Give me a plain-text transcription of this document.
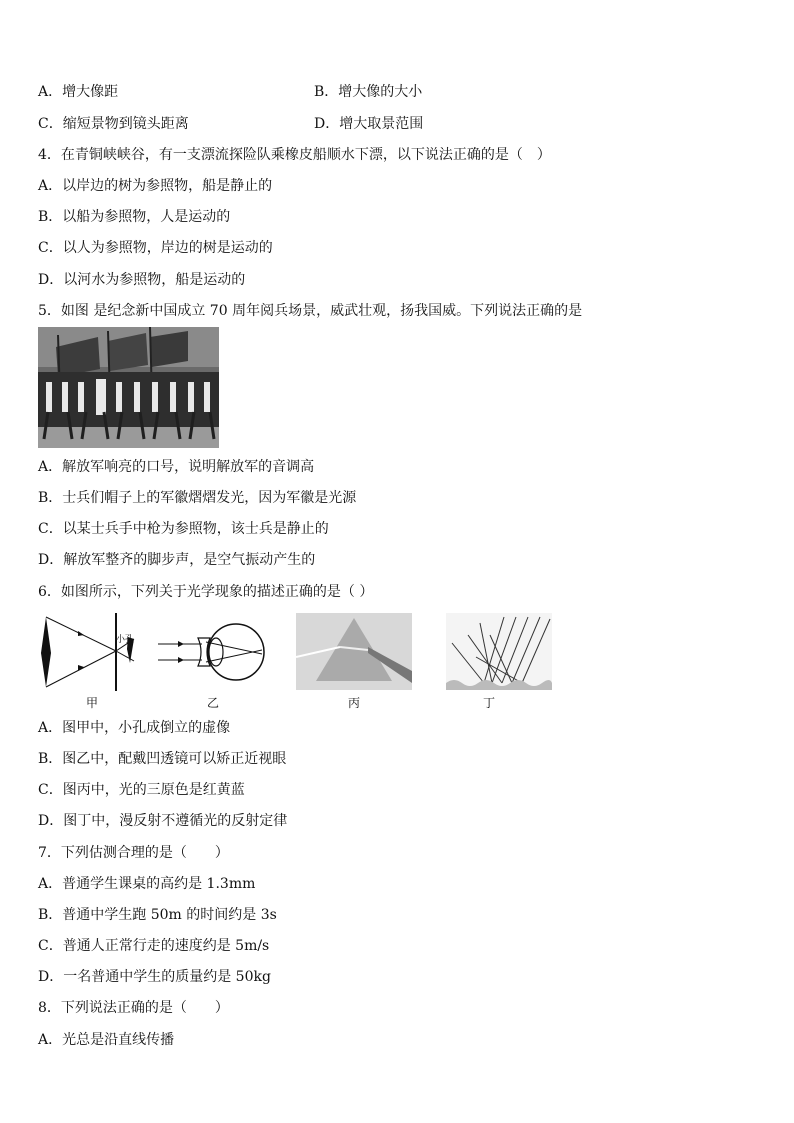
A．增大像距	B．增大像的大小
C．缩短景物到镜头距离	D．增大取景范围
4．在青铜峡峡谷，有一支漂流探险队乘橡皮船顺水下漂，以下说法正确的是（　）
A．以岸边的树为参照物，船是静止的
B．以船为参照物，人是运动的
C．以人为参照物，岸边的树是运动的
D．以河水为参照物，船是运动的
5．如图 是纪念新中国成立 70 周年阅兵场景，威武壮观，扬我国威。下列说法正确的是
A．解放军响亮的口号，说明解放军的音调高
B．士兵们帽子上的军徽熠熠发光，因为军徽是光源
C．以某士兵手中枪为参照物，该士兵是静止的
D．解放军整齐的脚步声，是空气振动产生的
6．如图所示，下列关于光学现象的描述正确的是（ ）
小孔
甲	乙	丙	丁
A．图甲中，小孔成倒立的虚像
B．图乙中，配戴凹透镜可以矫正近视眼
C．图丙中，光的三原色是红黄蓝
D．图丁中，漫反射不遵循光的反射定律
7．下列估测合理的是（　　）
A．普通学生课桌的高约是 1.3mm
B．普通中学生跑 50m 的时间约是 3s
C．普通人正常行走的速度约是 5m/s
D．一名普通中学生的质量约是 50kg
8．下列说法正确的是（　　）
A．光总是沿直线传播
